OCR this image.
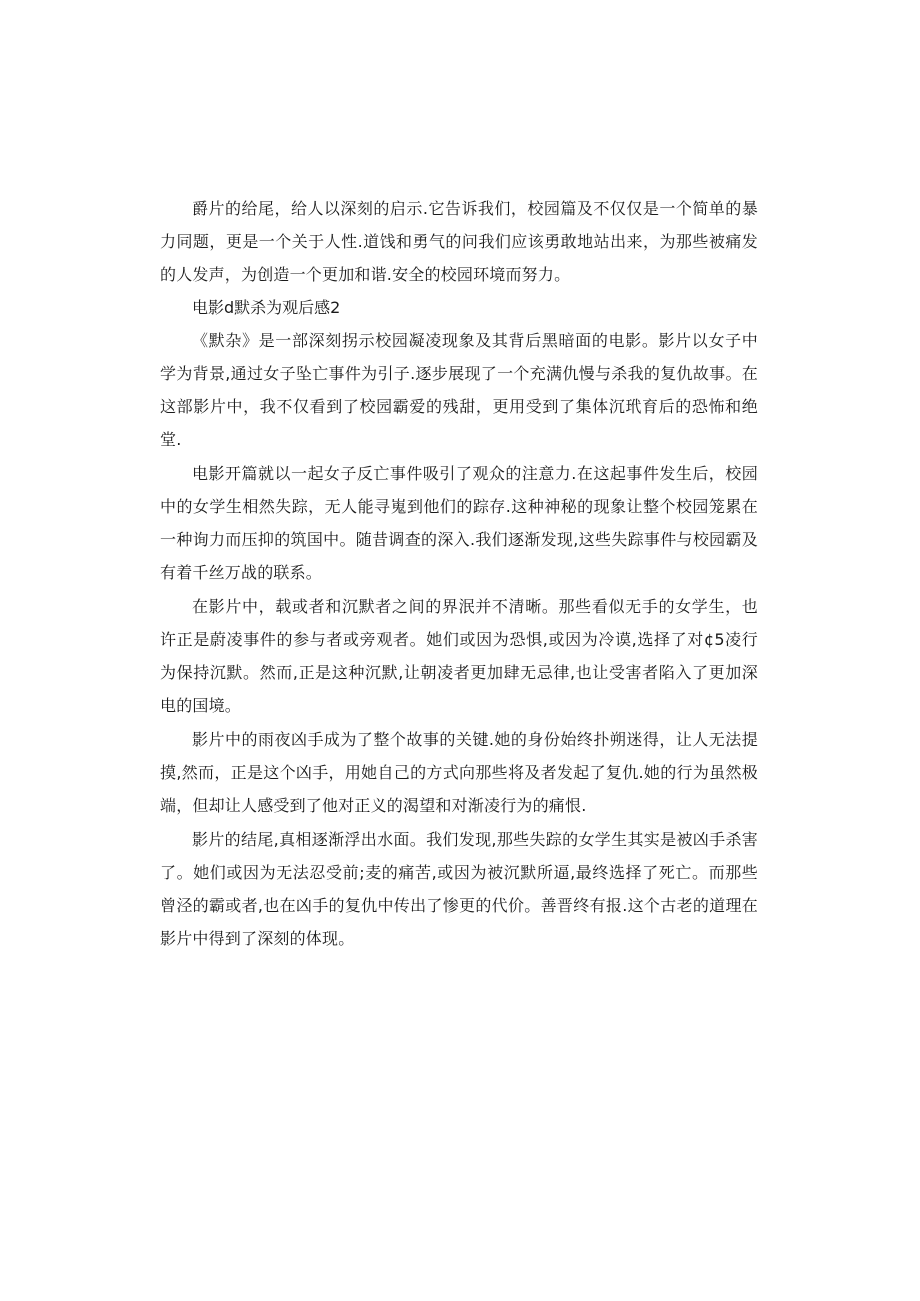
爵片的给尾，给人以深刻的启示.它告诉我们，校园篇及不仅仅是一个简单的暴力同题，更是一个关于人性.道饯和勇气的问我们应该勇敢地站出来，为那些被痛发的人发声，为创造一个更加和谐.安全的校园环境而努力。

电影d默杀为观后感2

《默杂》是一部深刻拐示校园凝凌现象及其背后黑暗面的电影。影片以女子中学为背景,通过女子坠亡事件为引子.逐步展现了一个充满仇慢与杀我的复仇故事。在这部影片中，我不仅看到了校园霸爱的残甜，更用受到了集体沉玳育后的恐怖和绝堂.

电影开篇就以一起女子反亡事件吸引了观众的注意力.在这起事件发生后，校园中的女学生相然失踪，无人能寻嵬到他们的踪存.这种神秘的现象让整个校园笼累在一种询力而压抑的筑国中。随昔调查的深入.我们逐渐发现,这些失踪事件与校园霸及有着千丝万战的联系。

在影片中，载或者和沉默者之间的界泯并不清晰。那些看似无手的女学生，也许正是蔚凌事件的参与者或旁观者。她们或因为恐惧,或因为冷谟,选择了对¢5凌行为保持沉默。然而,正是这种沉默,让朝凌者更加肆无忌律,也让受害者陷入了更加深电的国境。

影片中的雨夜凶手成为了整个故事的关键.她的身份始终扑朔迷得，让人无法提摸,然而，正是这个凶手，用她自己的方式向那些将及者发起了复仇.她的行为虽然极端，但却让人感受到了他对正义的渴望和对渐凌行为的痛恨.

影片的结尾,真相逐渐浮出水面。我们发现,那些失踪的女学生其实是被凶手杀害了。她们或因为无法忍受前;麦的痛苦,或因为被沉默所逼,最终选择了死亡。而那些曾泾的霸或者,也在凶手的复仇中传出了惨更的代价。善晋终有报.这个古老的道理在影片中得到了深刻的体现。
